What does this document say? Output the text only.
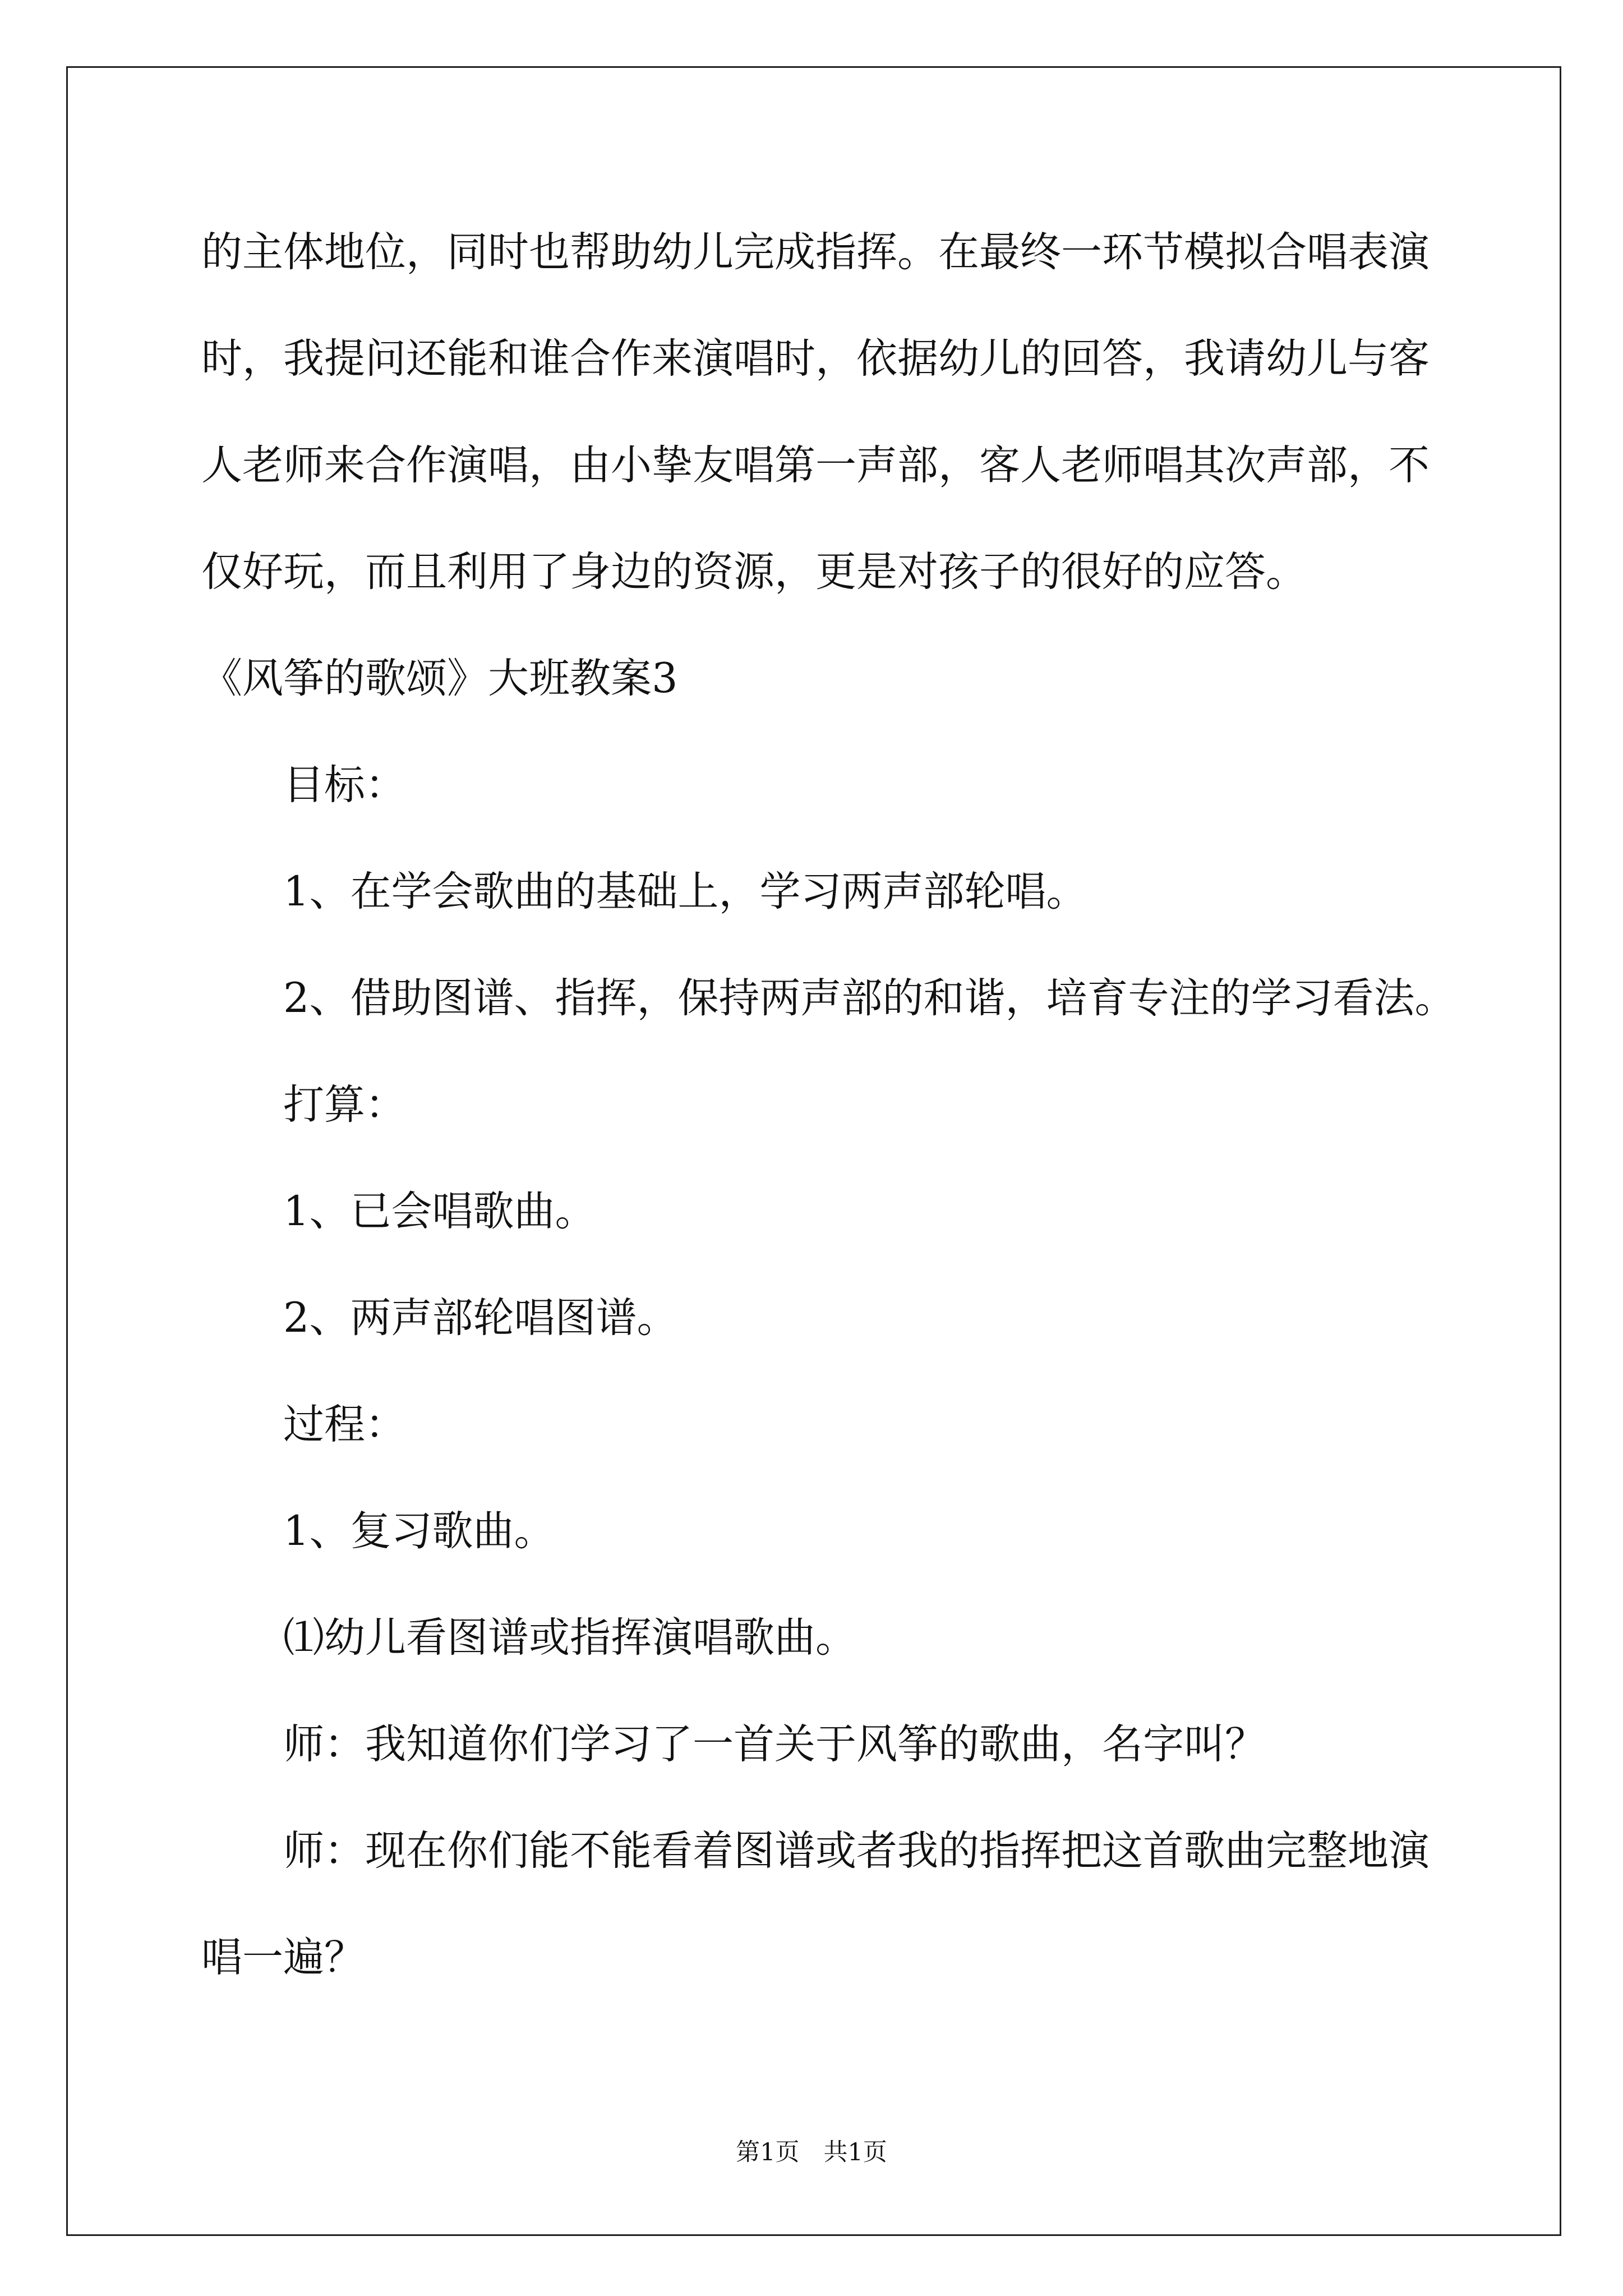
的主体地位，同时也帮助幼儿完成指挥。在最终一环节模拟合唱表演
时，我提问还能和谁合作来演唱时，依据幼儿的回答，我请幼儿与客
人老师来合作演唱，由小挚友唱第一声部，客人老师唱其次声部，不
仅好玩，而且利用了身边的资源，更是对孩子的很好的应答。
《风筝的歌颂》大班教案3
目标：
1、在学会歌曲的基础上，学习两声部轮唱。
2、借助图谱、指挥，保持两声部的和谐，培育专注的学习看法。
打算：
1、已会唱歌曲。
2、两声部轮唱图谱。
过程：
1、复习歌曲。
⑴幼儿看图谱或指挥演唱歌曲。
师：我知道你们学习了一首关于风筝的歌曲，名字叫？
师：现在你们能不能看着图谱或者我的指挥把这首歌曲完整地演
唱一遍？
第1页　共1页
